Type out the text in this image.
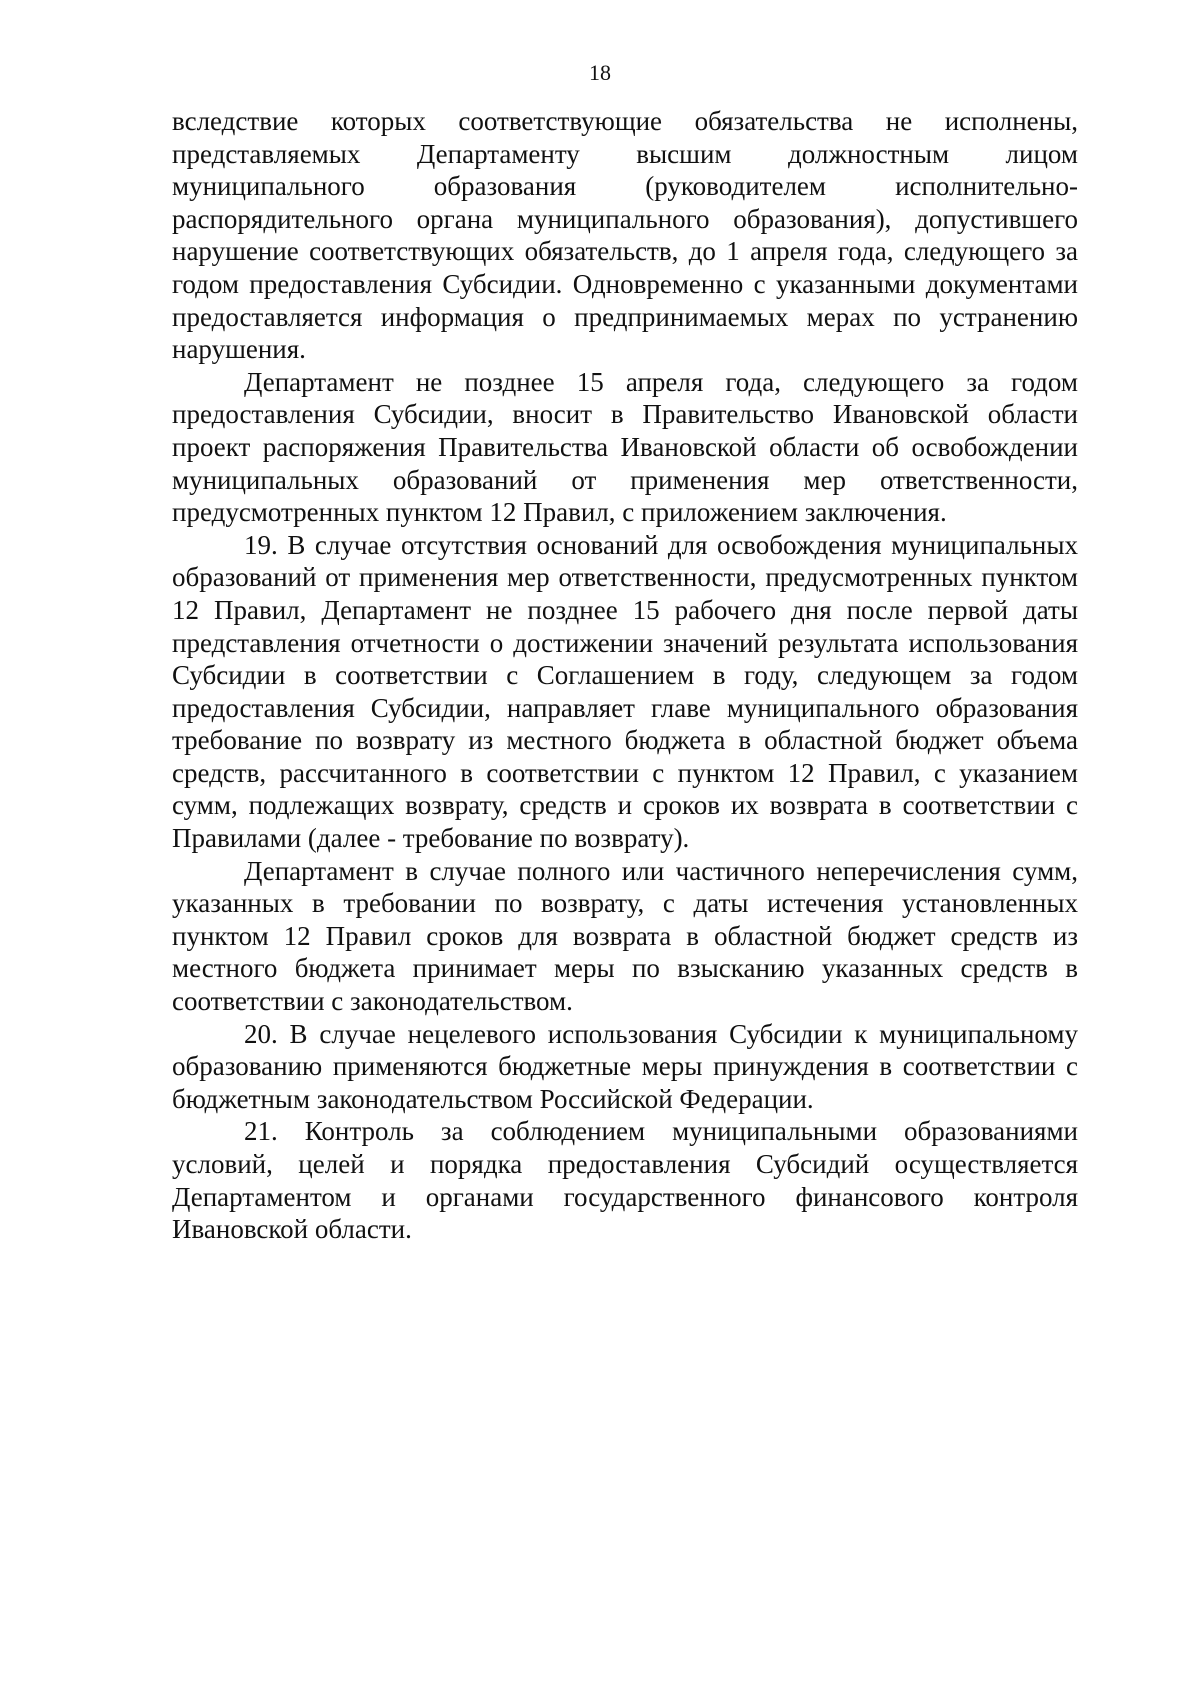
18

вследствие которых соответствующие обязательства не исполнены, представляемых Департаменту высшим должностным лицом муниципального образования (руководителем исполнительно-распорядительного органа муниципального образования), допустившего нарушение соответствующих обязательств, до 1 апреля года, следующего за годом предоставления Субсидии. Одновременно с указанными документами предоставляется информация о предпринимаемых мерах по устранению нарушения.

Департамент не позднее 15 апреля года, следующего за годом предоставления Субсидии, вносит в Правительство Ивановской области проект распоряжения Правительства Ивановской области об освобождении муниципальных образований от применения мер ответственности, предусмотренных пунктом 12 Правил, с приложением заключения.

19. В случае отсутствия оснований для освобождения муниципальных образований от применения мер ответственности, предусмотренных пунктом 12 Правил, Департамент не позднее 15 рабочего дня после первой даты представления отчетности о достижении значений результата использования Субсидии в соответствии с Соглашением в году, следующем за годом предоставления Субсидии, направляет главе муниципального образования требование по возврату из местного бюджета в областной бюджет объема средств, рассчитанного в соответствии с пунктом 12 Правил, с указанием сумм, подлежащих возврату, средств и сроков их возврата в соответствии с Правилами (далее - требование по возврату).

Департамент в случае полного или частичного неперечисления сумм, указанных в требовании по возврату, с даты истечения установленных пунктом 12 Правил сроков для возврата в областной бюджет средств из местного бюджета принимает меры по взысканию указанных средств в соответствии с законодательством.

20. В случае нецелевого использования Субсидии к муниципальному образованию применяются бюджетные меры принуждения в соответствии с бюджетным законодательством Российской Федерации.

21. Контроль за соблюдением муниципальными образованиями условий, целей и порядка предоставления Субсидий осуществляется Департаментом и органами государственного финансового контроля Ивановской области.
